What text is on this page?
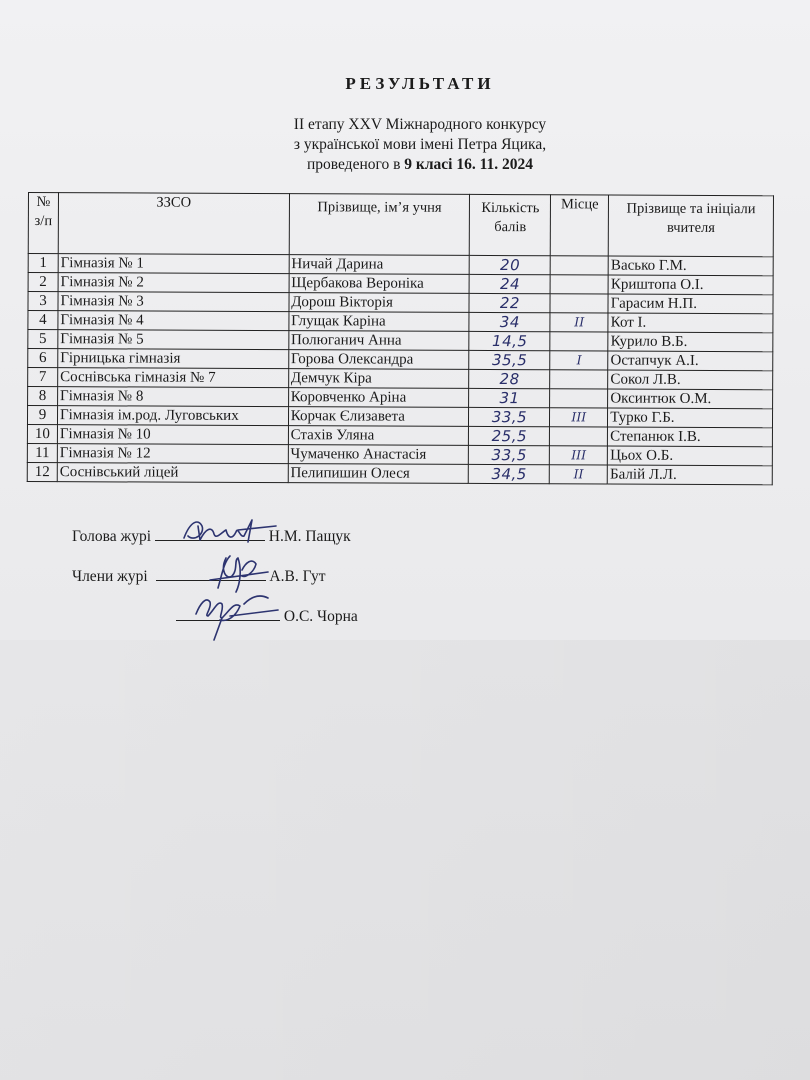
РЕЗУЛЬТАТИ
II етапу XXV Міжнародного конкурсу
з української мови імені Петра Яцика,
проведеного в 9 класі 16. 11. 2024
№ з/п	ЗЗСО	Прізвище, ім’я учня	Кількість балів	Місце	Прізвище та ініціали вчителя

1	Гімназія № 1	Ничай Дарина	20		Васько Г.М.
2	Гімназія № 2	Щербакова Вероніка	24		Криштопа О.І.
3	Гімназія № 3	Дорош Вікторія	22		Гарасим Н.П.
4	Гімназія № 4	Глущак Каріна	34	II	Кот І.
5	Гімназія № 5	Полюганич Анна	14,5		Курило В.Б.
6	Гірницька гімназія	Горова Олександра	35,5	I	Остапчук А.І.
7	Соснівська гімназія № 7	Демчук Кіра	28		Сокол Л.В.
8	Гімназія № 8	Коровченко Аріна	31		Оксинтюк О.М.
9	Гімназія ім.род. Луговських	Корчак Єлизавета	33,5	III	Турко Г.Б.
10	Гімназія № 10	Стахів Уляна	25,5		Степанюк І.В.
11	Гімназія № 12	Чумаченко Анастасія	33,5	III	Цьох О.Б.
12	Соснівський ліцей	Пелипишин Олеся	34,5	II	Балій Л.Л.
Голова журі	Н.М. Пащук
Члени журі	А.В. Гут
О.С. Чорна
